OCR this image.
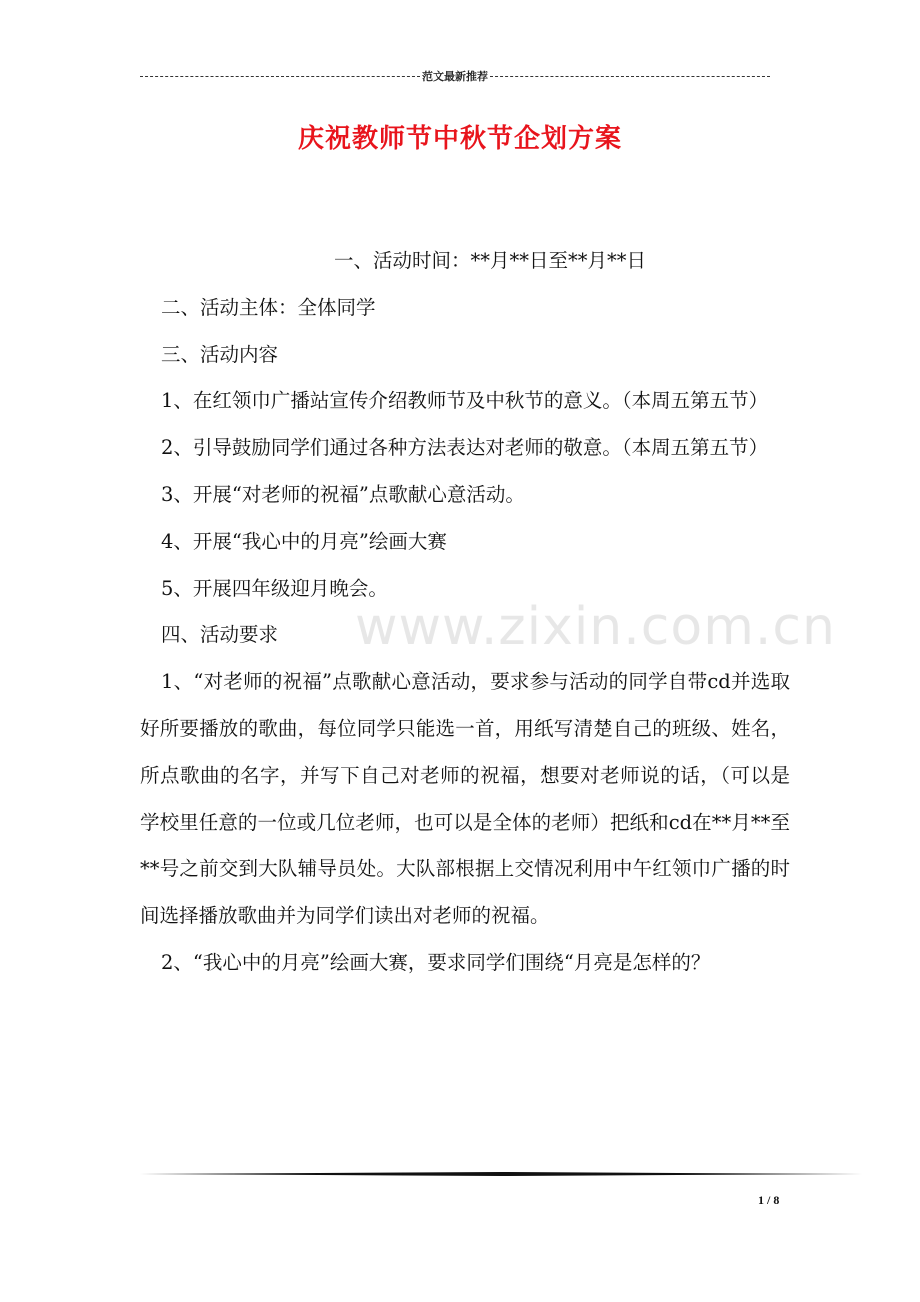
范文最新推荐
庆祝教师节中秋节企划方案

一、活动时间：**月**日至**月**日

二、活动主体：全体同学

三、活动内容

1、在红领巾广播站宣传介绍教师节及中秋节的意义。（本周五第五节）

2、引导鼓励同学们通过各种方法表达对老师的敬意。（本周五第五节）

3、开展“对老师的祝福”点歌献心意活动。

4、开展“我心中的月亮”绘画大赛

5、开展四年级迎月晚会。

四、活动要求

1、“对老师的祝福”点歌献心意活动，要求参与活动的同学自带cd并选取好所要播放的歌曲，每位同学只能选一首，用纸写清楚自己的班级、姓名，所点歌曲的名字，并写下自己对老师的祝福，想要对老师说的话，（可以是学校里任意的一位或几位老师，也可以是全体的老师）把纸和cd在**月**至**号之前交到大队辅导员处。大队部根据上交情况利用中午红领巾广播的时间选择播放歌曲并为同学们读出对老师的祝福。

2、“我心中的月亮”绘画大赛，要求同学们围绕“月亮是怎样的？

www.zixin.com.cn
1 / 8
